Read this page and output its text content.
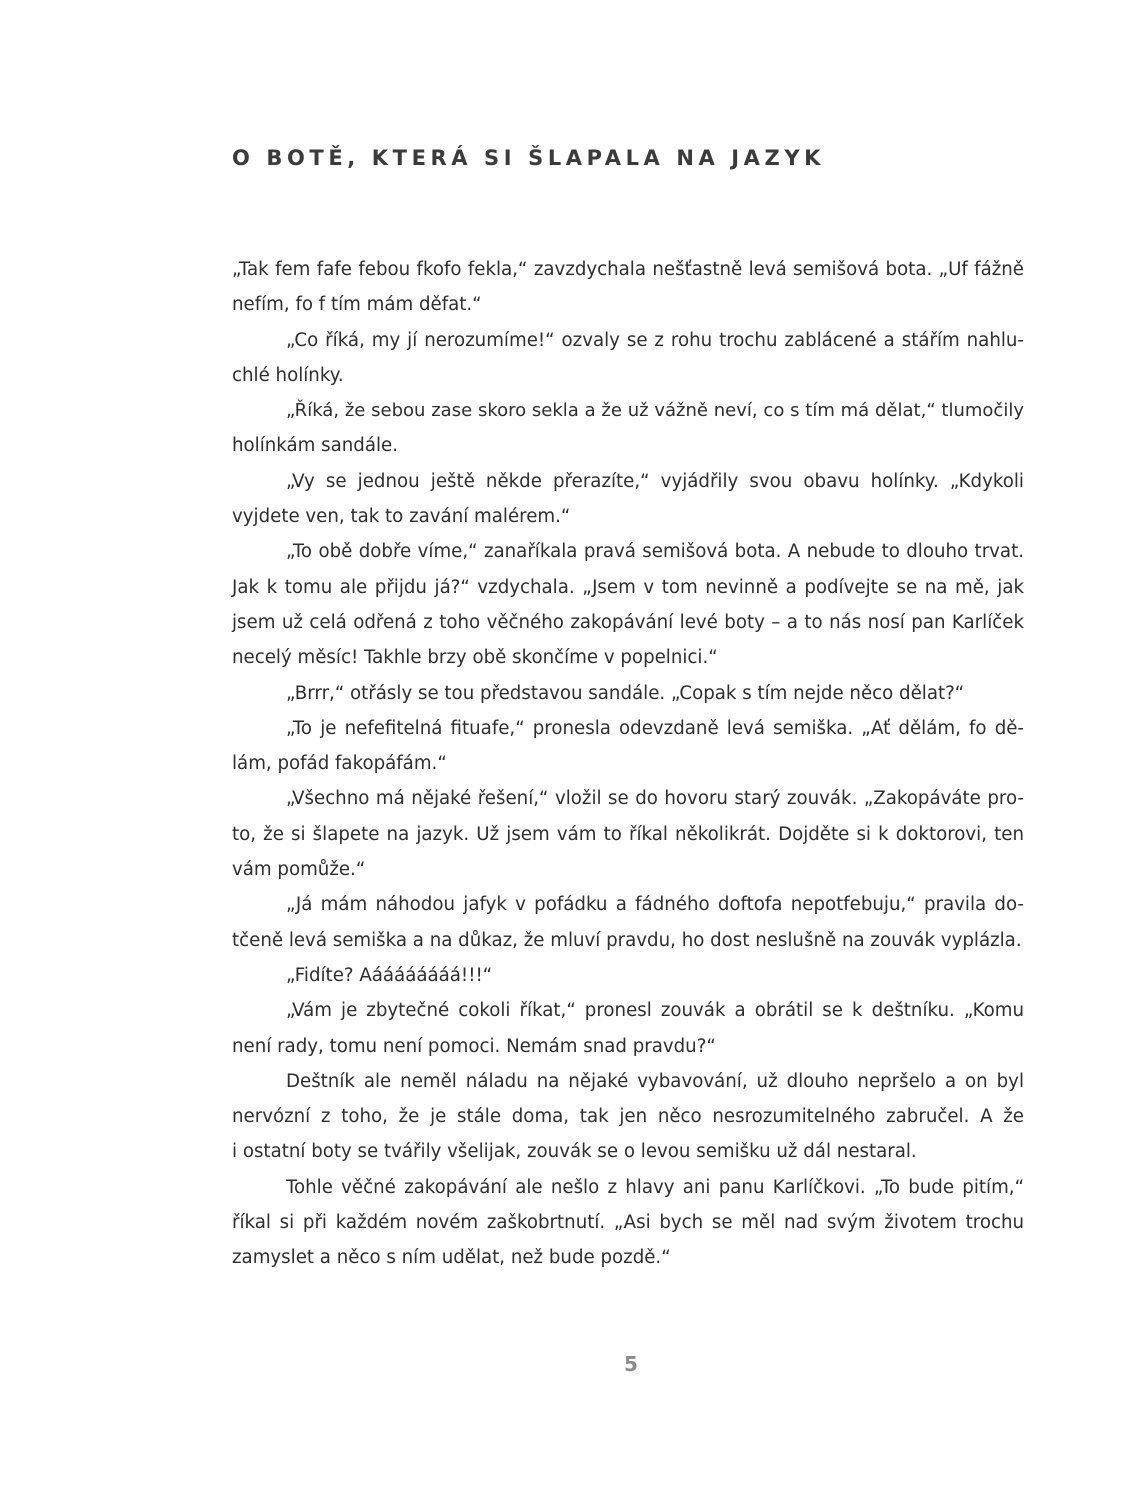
O BOTĚ, KTERÁ SI ŠLAPALA NA JAZYK

„Tak fem fafe febou fkofo fekla,“ zavzdychala nešťastně levá semišová bota. „Uf fážně
nefím, fo f tím mám děfat.“

„Co říká, my jí nerozumíme!“ ozvaly se z rohu trochu zablácené a stářím nahlu-
chlé holínky.

„Říká, že sebou zase skoro sekla a že už vážně neví, co s tím má dělat,“ tlumočily
holínkám sandále.

„Vy se jednou ještě někde přerazíte,“ vyjádřily svou obavu holínky. „Kdykoli
vyjdete ven, tak to zavání malérem.“

„To obě dobře víme,“ zanaříkala pravá semišová bota. A nebude to dlouho trvat.
Jak k tomu ale přijdu já?“ vzdychala. „Jsem v tom nevinně a podívejte se na mě, jak
jsem už celá odřená z toho věčného zakopávání levé boty – a to nás nosí pan Karlíček
necelý měsíc! Takhle brzy obě skončíme v popelnici.“

„Brrr,“ otřásly se tou představou sandále. „Copak s tím nejde něco dělat?“

„To je nefefitelná fituafe,“ pronesla odevzdaně levá semiška. „Ať dělám, fo dě-
lám, pofád fakopáfám.“

„Všechno má nějaké řešení,“ vložil se do hovoru starý zouvák. „Zakopáváte pro-
to, že si šlapete na jazyk. Už jsem vám to říkal několikrát. Dojděte si k doktorovi, ten
vám pomůže.“

„Já mám náhodou jafyk v pofádku a fádného doftofa nepotfebuju,“ pravila do-
tčeně levá semiška a na důkaz, že mluví pravdu, ho dost neslušně na zouvák vyplázla.

„Fidíte? Aáááááááá!!!“

„Vám je zbytečné cokoli říkat,“ pronesl zouvák a obrátil se k deštníku. „Komu
není rady, tomu není pomoci. Nemám snad pravdu?“

Deštník ale neměl náladu na nějaké vybavování, už dlouho nepršelo a on byl
nervózní z toho, že je stále doma, tak jen něco nesrozumitelného zabručel. A že
i ostatní boty se tvářily všelijak, zouvák se o levou semišku už dál nestaral.

Tohle věčné zakopávání ale nešlo z hlavy ani panu Karlíčkovi. „To bude pitím,“
říkal si při každém novém zaškobrtnutí. „Asi bych se měl nad svým životem trochu
zamyslet a něco s ním udělat, než bude pozdě.“

5
